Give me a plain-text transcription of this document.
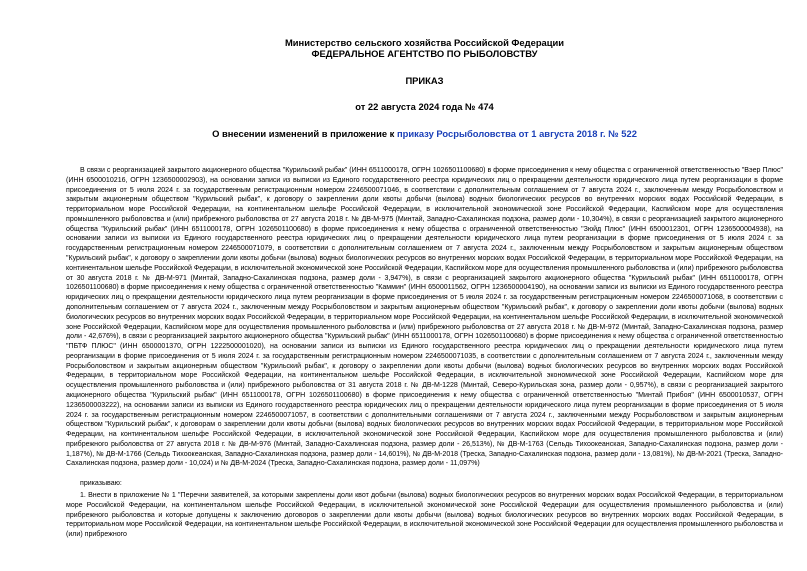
Министерство сельского хозяйства Российской Федерации
ФЕДЕРАЛЬНОЕ АГЕНТСТВО ПО РЫБОЛОВСТВУ
ПРИКАЗ
от 22 августа 2024 года № 474
О внесении изменений в приложение к приказу Росрыболовства от 1 августа 2018 г. № 522
В связи с реорганизацией закрытого акционерного общества "Курильский рыбак" (ИНН 6511000178, ОГРН 1026501100680) в форме присоединения к нему общества с ограниченной ответственностью "Вэер Плюс" (ИНН 6500010216, ОГРН 1236500002903), на основании записи из выписки из Единого государственного реестра юридических лиц о прекращении деятельности юридического лица путем реорганизации в форме присоединения от 5 июля 2024 г. за государственным регистрационным номером 2246500071046, в соответствии с дополнительным соглашением от 7 августа 2024 г., заключенным между Росрыболовством и закрытым акционерным обществом "Курильский рыбак", к договору о закреплении доли квоты добычи (вылова) водных биологических ресурсов во внутренних морских водах Российской Федерации, в территориальном море Российской Федерации, на континентальном шельфе Российской Федерации, в исключительной экономической зоне Российской Федерации, Каспийском море для осуществления промышленного рыболовства и (или) прибрежного рыболовства от 27 августа 2018 г. № ДВ-М-975 (Минтай, Западно-Сахалинская подзона, размер доли - 10,304%), в связи с реорганизацией закрытого акционерного общества "Курильский рыбак" (ИНН 6511000178, ОГРН 1026501100680) в форме присоединения к нему общества с ограниченной ответственностью "Зюйд Плюс" (ИНН 6500012301, ОГРН 1236500004938), на основании записи из выписки из Единого государственного реестра юридических лиц о прекращении деятельности юридического лица путем реорганизации в форме присоединения от 5 июля 2024 г. за государственным регистрационным номером 2246500071079, в соответствии с дополнительным соглашением от 7 августа 2024 г., заключенным между Росрыболовством и закрытым акционерным обществом "Курильский рыбак", к договору о закреплении доли квоты добычи (вылова) водных биологических ресурсов во внутренних морских водах Российской Федерации, в территориальном море Российской Федерации, на континентальном шельфе Российской Федерации, в исключительной экономической зоне Российской Федерации, Каспийском море для осуществления промышленного рыболовства и (или) прибрежного рыболовства от 30 августа 2018 г. № ДВ-М-971 (Минтай, Западно-Сахалинская подзона, размер доли - 3,947%), в связи с реорганизацией закрытого акционерного общества "Курильский рыбак" (ИНН 6511000178, ОГРН 1026501100680) в форме присоединения к нему общества с ограниченной ответственностью "Каммин" (ИНН 6500011562, ОГРН 1236500004190), на основании записи из выписки из Единого государственного реестра юридических лиц о прекращении деятельности юридического лица путем реорганизации в форме присоединения от 5 июля 2024 г. за государственным регистрационным номером 2246500071068, в соответствии с дополнительным соглашением от 7 августа 2024 г., заключенным между Росрыболовством и закрытым акционерным обществом "Курильский рыбак", к договору о закреплении доли квоты добычи (вылова) водных биологических ресурсов во внутренних морских водах Российской Федерации, в территориальном море Российской Федерации, на континентальном шельфе Российской Федерации, в исключительной экономической зоне Российской Федерации, Каспийском море для осуществления промышленного рыболовства и (или) прибрежного рыболовства от 27 августа 2018 г. № ДВ-М-972 (Минтай, Западно-Сахалинская подзона, размер доли - 42,676%), в связи с реорганизацией закрытого акционерного общества "Курильский рыбак" (ИНН 6511000178, ОГРН 1026501100680) в форме присоединения к нему общества с ограниченной ответственностью "ПБТФ ПЛЮС" (ИНН 6500001370, ОГРН 1222500001020), на основании записи из выписки из Единого государственного реестра юридических лиц о прекращении деятельности юридического лица путем реорганизации в форме присоединения от 5 июля 2024 г. за государственным регистрационным номером 2246500071035, в соответствии с дополнительным соглашением от 7 августа 2024 г., заключенным между Росрыболовством и закрытым акционерным обществом "Курильский рыбак", к договору о закреплении доли квоты добычи (вылова) водных биологических ресурсов во внутренних морских водах Российской Федерации, в территориальном море Российской Федерации, на континентальном шельфе Российской Федерации, в исключительной экономической зоне Российской Федерации, Каспийском море для осуществления промышленного рыболовства и (или) прибрежного рыболовства от 31 августа 2018 г. № ДВ-М-1228 (Минтай, Северо-Курильская зона, размер доли - 0,957%), в связи с реорганизацией закрытого акционерного общества "Курильский рыбак" (ИНН 6511000178, ОГРН 1026501100680) в форме присоединения к нему общества с ограниченной ответственностью "Минтай Прибоя" (ИНН 6500010537, ОГРН 1236500003222), на основании записи из выписки из Единого государственного реестра юридических лиц о прекращении деятельности юридического лица путем реорганизации в форме присоединения от 5 июля 2024 г. за государственным регистрационным номером 2246500071057, в соответствии с дополнительными соглашениями от 7 августа 2024 г., заключенными между Росрыболовством и закрытым акционерным обществом "Курильский рыбак", к договорам о закреплении доли квоты добычи (вылова) водных биологических ресурсов во внутренних морских водах Российской Федерации, в территориальном море Российской Федерации, на континентальном шельфе Российской Федерации, в исключительной экономической зоне Российской Федерации, Каспийском море для осуществления промышленного рыболовства и (или) прибрежного рыболовства от 27 августа 2018 г. № ДВ-М-976 (Минтай, Западно-Сахалинская подзона, размер доли - 26,513%), № ДВ-М-1763 (Сельдь Тихоокеанская, Западно-Сахалинская подзона, размер доли - 1,187%), № ДВ-М-1766 (Сельдь Тихоокеанская, Западно-Сахалинская подзона, размер доли - 14,601%), № ДВ-М-2018 (Треска, Западно-Сахалинская подзона, размер доли - 13,081%), № ДВ-М-2021 (Треска, Западно-Сахалинская подзона, размер доли - 10,024) и № ДВ-М-2024 (Треска, Западно-Сахалинская подзона, размер доли - 11,097%)
приказываю:
1. Внести в приложение № 1 "Перечни заявителей, за которыми закреплены доли квот добычи (вылова) водных биологических ресурсов во внутренних морских водах Российской Федерации, в территориальном море Российской Федерации, на континентальном шельфе Российской Федерации, в исключительной экономической зоне Российской Федерации для осуществления промышленного рыболовства и (или) прибрежного рыболовства и которые допущены к заключению договоров о закреплении доли квоты добычи (вылова) водных биологических ресурсов во внутренних морских водах Российской Федерации, в территориальном море Российской Федерации, на континентальном шельфе Российской Федерации, в исключительной экономической зоне Российской Федерации для осуществления промышленного рыболовства и (или) прибрежного
